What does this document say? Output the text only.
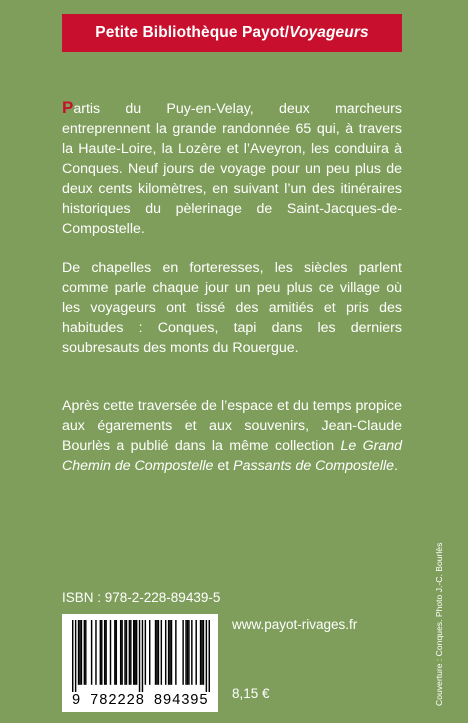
Petite Bibliothèque Payot / Voyageurs
Partis du Puy-en-Velay, deux marcheurs entreprennent la grande randonnée 65 qui, à travers la Haute-Loire, la Lozère et l’Aveyron, les conduira à Conques. Neuf jours de voyage pour un peu plus de deux cents kilomètres, en suivant l’un des itinéraires historiques du pèlerinage de Saint-Jacques-de-Compostelle.
De chapelles en forteresses, les siècles parlent comme parle chaque jour un peu plus ce village où les voyageurs ont tissé des amitiés et pris des habitudes : Conques, tapi dans les derniers soubresauts des monts du Rouergue.
Après cette traversée de l’espace et du temps propice aux égarements et aux souvenirs, Jean-Claude Bourlès a publié dans la même collection Le Grand Chemin de Compostelle et Passants de Compostelle.
ISBN : 978-2-228-89439-5
9 782228 894395
www.payot-rivages.fr
8,15 €	Couverture : Conques. Photo J.-C. Bourlès
